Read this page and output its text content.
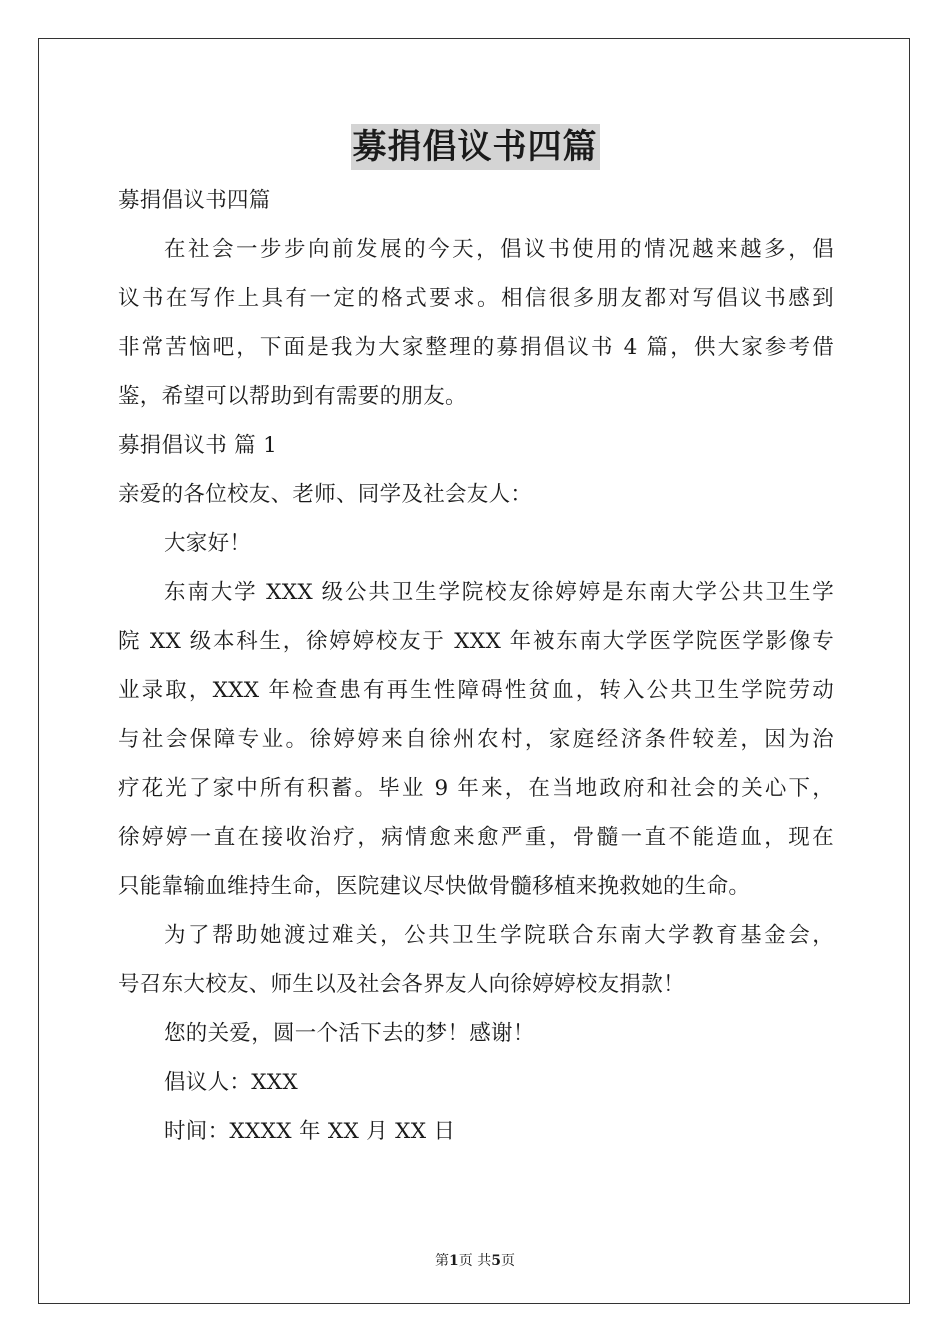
募捐倡议书四篇

募捐倡议书四篇

在社会一步步向前发展的今天，倡议书使用的情况越来越多，倡

议书在写作上具有一定的格式要求。相信很多朋友都对写倡议书感到

非常苦恼吧，下面是我为大家整理的募捐倡议书 4 篇，供大家参考借

鉴，希望可以帮助到有需要的朋友。

募捐倡议书 篇 1

亲爱的各位校友、老师、同学及社会友人：

大家好！

东南大学 XXX 级公共卫生学院校友徐婷婷是东南大学公共卫生学

院 XX 级本科生，徐婷婷校友于 XXX 年被东南大学医学院医学影像专

业录取，XXX 年检查患有再生性障碍性贫血，转入公共卫生学院劳动

与社会保障专业。徐婷婷来自徐州农村，家庭经济条件较差，因为治

疗花光了家中所有积蓄。毕业 9 年来，在当地政府和社会的关心下，

徐婷婷一直在接收治疗，病情愈来愈严重，骨髓一直不能造血，现在

只能靠输血维持生命，医院建议尽快做骨髓移植来挽救她的生命。

为了帮助她渡过难关，公共卫生学院联合东南大学教育基金会，

号召东大校友、师生以及社会各界友人向徐婷婷校友捐款！

您的关爱，圆一个活下去的梦！感谢！

倡议人：XXX

时间：XXXX 年 XX 月 XX 日

第1页 共5页
